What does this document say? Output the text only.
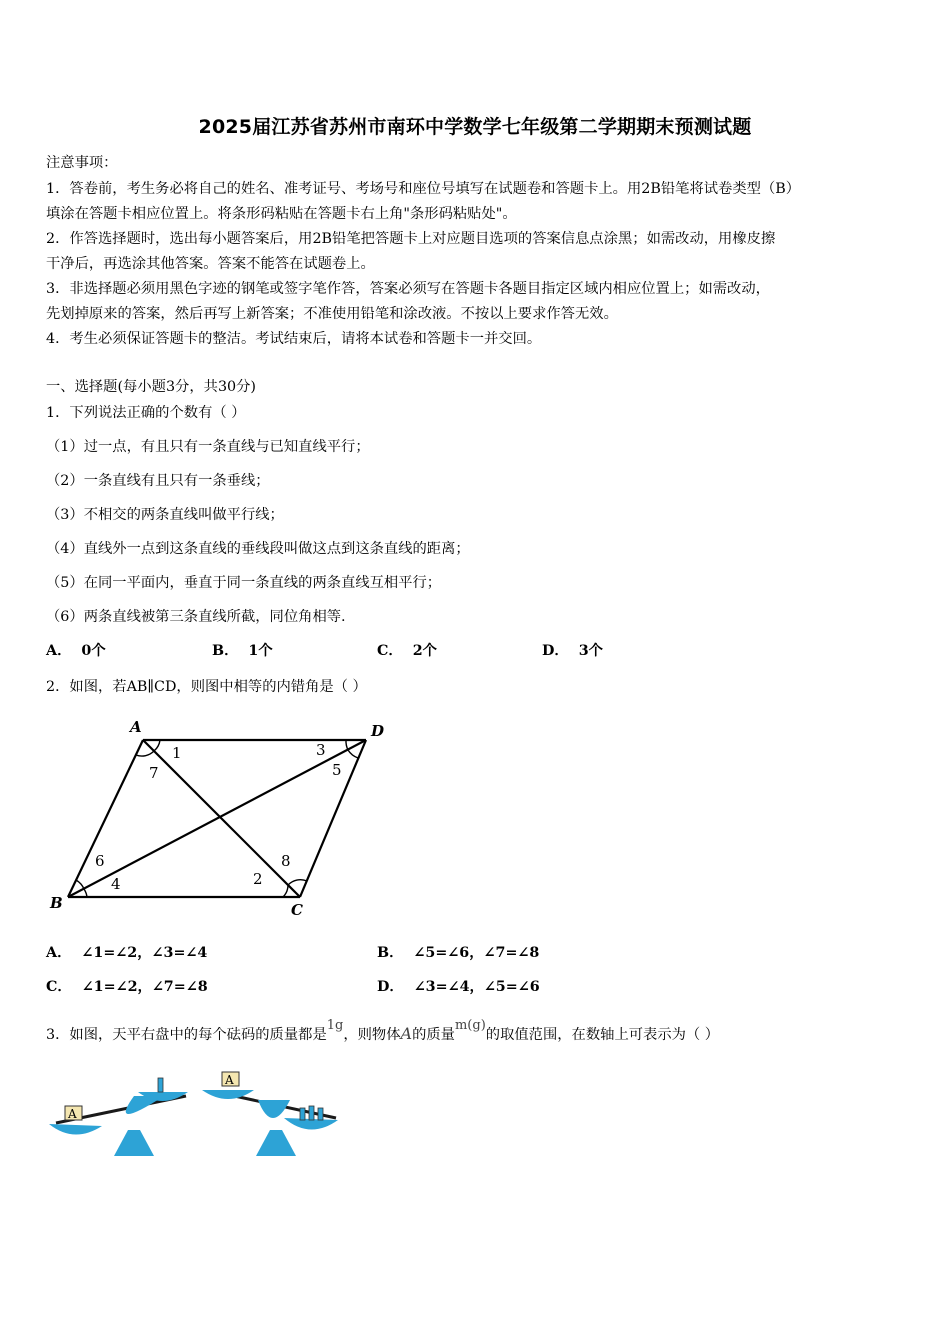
2025届江苏省苏州市南环中学数学七年级第二学期期末预测试题
注意事项：
1．答卷前，考生务必将自己的姓名、准考证号、考场号和座位号填写在试题卷和答题卡上。用2B铅笔将试卷类型（B）
填涂在答题卡相应位置上。将条形码粘贴在答题卡右上角"条形码粘贴处"。
2．作答选择题时，选出每小题答案后，用2B铅笔把答题卡上对应题目选项的答案信息点涂黑；如需改动，用橡皮擦
干净后，再选涂其他答案。答案不能答在试题卷上。
3．非选择题必须用黑色字迹的钢笔或签字笔作答，答案必须写在答题卡各题目指定区域内相应位置上；如需改动，
先划掉原来的答案，然后再写上新答案；不准使用铅笔和涂改液。不按以上要求作答无效。
4．考生必须保证答题卡的整洁。考试结束后，请将本试卷和答题卡一并交回。
一、选择题(每小题3分，共30分)
1．下列说法正确的个数有（ ）
（1）过一点，有且只有一条直线与已知直线平行；
（2）一条直线有且只有一条垂线；
（3）不相交的两条直线叫做平行线；
（4）直线外一点到这条直线的垂线段叫做这点到这条直线的距离；
（5）在同一平面内，垂直于同一条直线的两条直线互相平行；
（6）两条直线被第三条直线所截，同位角相等.
A． 0个	B． 1个	C． 2个	D． 3个
2．如图，若AB∥CD，则图中相等的内错角是（ ）
A	D
B	C
1
7
3
5
6
4	2
8
A． ∠1=∠2，∠3=∠4	B． ∠5=∠6，∠7=∠8
C． ∠1=∠2，∠7=∠8	D． ∠3=∠4，∠5=∠6
3．如图，天平右盘中的每个砝码的质量都是1g，则物体A的质量m(g)的取值范围，在数轴上可表示为（ ）
A
A
